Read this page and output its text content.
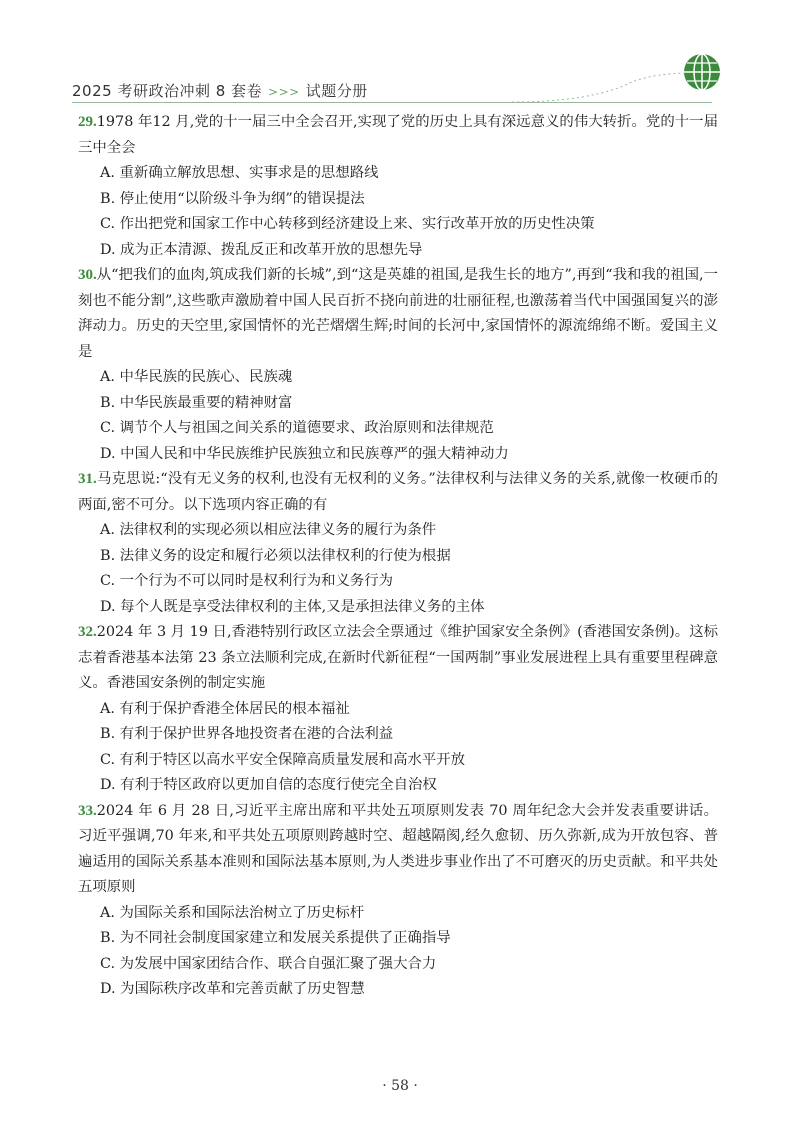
2025 考研政治冲刺 8 套卷 >>> 试题分册

29.1978 年12 月,党的十一届三中全会召开,实现了党的历史上具有深远意义的伟大转折。党的十一届三中全会

A. 重新确立解放思想、实事求是的思想路线

B. 停止使用“以阶级斗争为纲”的错误提法

C. 作出把党和国家工作中心转移到经济建设上来、实行改革开放的历史性决策

D. 成为正本清源、拨乱反正和改革开放的思想先导

30.从“把我们的血肉,筑成我们新的长城”,到“这是英雄的祖国,是我生长的地方”,再到“我和我的祖国,一刻也不能分割”,这些歌声激励着中国人民百折不挠向前进的壮丽征程,也激荡着当代中国强国复兴的澎湃动力。历史的天空里,家国情怀的光芒熠熠生辉;时间的长河中,家国情怀的源流绵绵不断。爱国主义是

A. 中华民族的民族心、民族魂

B. 中华民族最重要的精神财富

C. 调节个人与祖国之间关系的道德要求、政治原则和法律规范

D. 中国人民和中华民族维护民族独立和民族尊严的强大精神动力

31.马克思说:“没有无义务的权利,也没有无权利的义务。”法律权利与法律义务的关系,就像一枚硬币的两面,密不可分。以下选项内容正确的有

A. 法律权利的实现必须以相应法律义务的履行为条件

B. 法律义务的设定和履行必须以法律权利的行使为根据

C. 一个行为不可以同时是权利行为和义务行为

D. 每个人既是享受法律权利的主体,又是承担法律义务的主体

32.2024 年 3 月 19 日,香港特别行政区立法会全票通过《维护国家安全条例》(香港国安条例)。这标志着香港基本法第 23 条立法顺利完成,在新时代新征程“一国两制”事业发展进程上具有重要里程碑意义。香港国安条例的制定实施

A. 有利于保护香港全体居民的根本福祉

B. 有利于保护世界各地投资者在港的合法利益

C. 有利于特区以高水平安全保障高质量发展和高水平开放

D. 有利于特区政府以更加自信的态度行使完全自治权

33.2024 年 6 月 28 日,习近平主席出席和平共处五项原则发表 70 周年纪念大会并发表重要讲话。习近平强调,70 年来,和平共处五项原则跨越时空、超越隔阂,经久愈韧、历久弥新,成为开放包容、普遍适用的国际关系基本准则和国际法基本原则,为人类进步事业作出了不可磨灭的历史贡献。和平共处五项原则

A. 为国际关系和国际法治树立了历史标杆

B. 为不同社会制度国家建立和发展关系提供了正确指导

C. 为发展中国家团结合作、联合自强汇聚了强大合力

D. 为国际秩序改革和完善贡献了历史智慧

· 58 ·
